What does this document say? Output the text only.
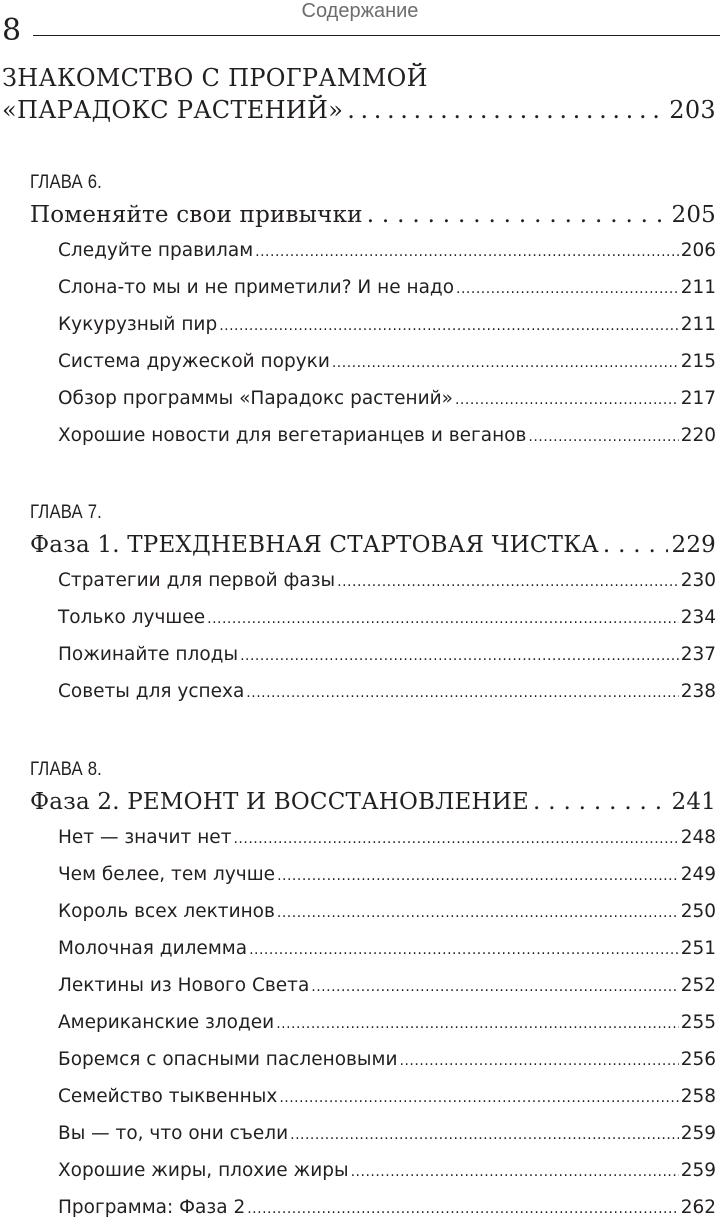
Содержание
8
ЗНАКОМСТВО С ПРОГРАММОЙ
«ПАРАДОКС РАСТЕНИЙ» . . .	203
ГЛАВА 6.
Поменяйте свои привычки . . .	205
Следуйте правилам .....	206
Слона-то мы и не приметили? И не надо .....	211
Кукурузный пир .....	211
Система дружеской поруки .....	215
Обзор программы «Парадокс растений» .....	217
Хорошие новости для вегетарианцев и веганов .....	220
ГЛАВА 7.
Фаза 1. ТРЕХДНЕВНАЯ СТАРТОВАЯ ЧИСТКА . . .	229
Стратегии для первой фазы .....	230
Только лучшее .....	234
Пожинайте плоды .....	237
Советы для успеха .....	238
ГЛАВА 8.
Фаза 2. РЕМОНТ И ВОССТАНОВЛЕНИЕ . . .	241
Нет — значит нет .....	248
Чем белее, тем лучше .....	249
Король всех лектинов .....	250
Молочная дилемма .....	251
Лектины из Нового Света .....	252
Американские злодеи .....	255
Боремся с опасными пасленовыми .....	256
Семейство тыквенных .....	258
Вы — то, что они съели .....	259
Хорошие жиры, плохие жиры .....	259
Программа: Фаза 2 .....	262
